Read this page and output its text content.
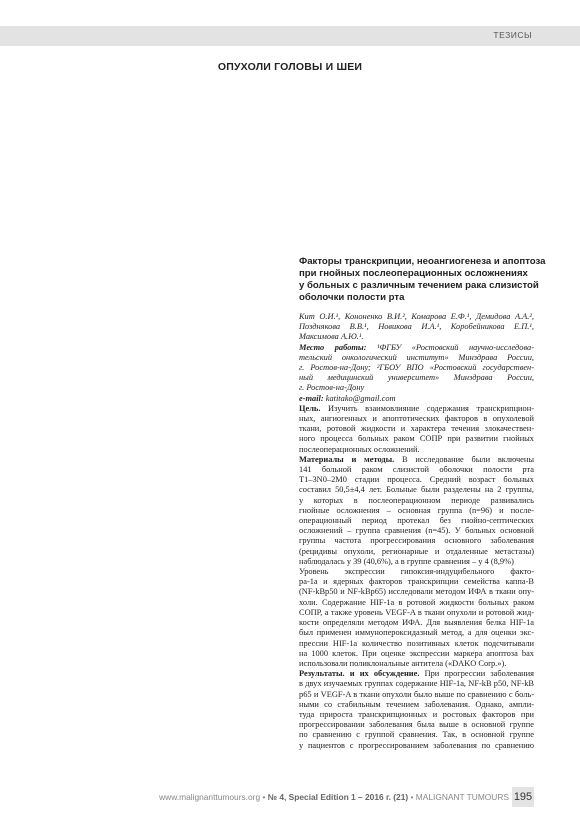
ТЕЗИСЫ
ОПУХОЛИ ГОЛОВЫ И ШЕИ
Факторы транскрипции, неоангиогенеза и апоптоза
при гнойных послеоперационных осложнениях
у больных с различным течением рака слизистой
оболочки полости рта
Кит О.И.¹, Кононенко В.И.², Комарова Е.Ф.¹, Демидова А.А.²,
Позднякова В.В.¹, Новикова И.А.¹, Коробейникова Е.П.¹,
Максимова А.Ю.¹.
Место работы: ¹ФГБУ «Ростовский научно-исследова-
тельский онкологический институт» Минздрава России,
г. Ростов-на-Дону; ²ГБОУ ВПО «Ростовский государствен-
ный медицинский университет» Минздрава России,
г. Ростов-на-Дону
e-mail: katitako@gmail.com
Цель. Изучить взаимовлияние содержания транскрипцион-
ных, ангиогенных и апоптотических факторов в опухолевой
ткани, ротовой жидкости и характера течения злокачествен-
ного процесса больных раком СОПР при развитии гнойных
послеоперационных осложнений.
Материалы и методы. В исследование были включены
141 больной раком слизистой оболочки полости рта
T1–3N0–2M0 стадии процесса. Средний возраст больных
составил 50,5±4,4 лет. Больные были разделены на 2 группы,
у которых в послеоперационном периоде развивались
гнойные осложнения – основная группа (n=96) и после-
операционный период протекал без гнойно-септических
осложнений – группа сравнения (n=45). У больных основной
группы частота прогрессирования основного заболевания
(рецидивы опухоли, регионарные и отдаленные метастазы)
наблюдалась у 39 (40,6%), а в группе сравнения – у 4 (8,9%)
Уровень экспрессии гипоксия-индуцибельного факто-
ра-1a и ядерных факторов транскрипции семейства каппа-В
(NF-kBp50 и NF-kBp65) исследовали методом ИФА в ткани опу-
холи. Содержание HIF-1a в ротовой жидкости больных раком
СОПР, а также уровень VEGF-A в ткани опухоли и ротовой жид-
кости определяли методом ИФА. Для выявления белка HIF-1a
был применен иммунопероксидазный метод, а для оценки экс-
прессии HIF-1a количество позитивных клеток подсчитывали
на 1000 клеток. При оценке экспрессии маркера апоптоза bax
использовали поликлональные антитела («DAKO Corp.»).
Результаты. и их обсуждение. При прогрессии заболевания
в двух изучаемых группах содержание HIF-1a, NF-kB p50, NF-kB
p65 и VEGF-A в ткани опухоли было выше по сравнению с боль-
ными со стабильным течением заболевания. Однако, ампли-
туда прироста транскрипционных и ростовых факторов при
прогрессировании заболевания была выше в основной группе
по сравнению с группой сравнения. Так, в основной группе
у пациентов с прогрессированием заболевания по сравнению
www.malignanttumours.org • № 4, Special Edition 1 – 2016 г. (21) • MALIGNANT TUMOURS 195
